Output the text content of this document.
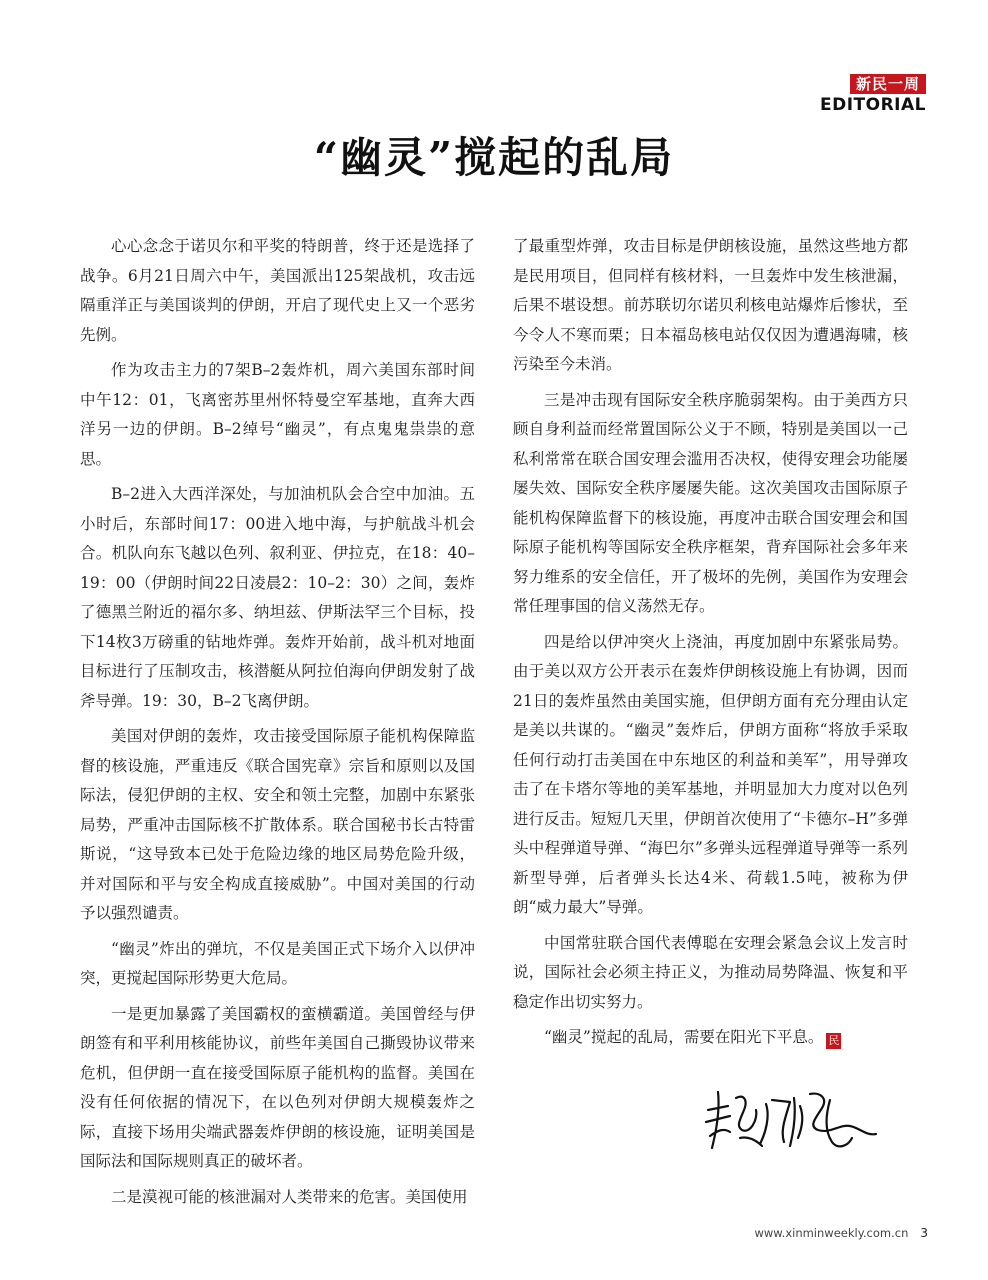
新民一周
EDITORIAL
“幽灵”搅起的乱局

心心念念于诺贝尔和平奖的特朗普，终于还是选择了战争。6月21日周六中午，美国派出125架战机，攻击远隔重洋正与美国谈判的伊朗，开启了现代史上又一个恶劣先例。

作为攻击主力的7架B–2轰炸机，周六美国东部时间中午12：01，飞离密苏里州怀特曼空军基地，直奔大西洋另一边的伊朗。B–2绰号“幽灵”，有点鬼鬼祟祟的意思。

B–2进入大西洋深处，与加油机队会合空中加油。五小时后，东部时间17：00进入地中海，与护航战斗机会合。机队向东飞越以色列、叙利亚、伊拉克，在18：40–19：00（伊朗时间22日凌晨2：10–2：30）之间，轰炸了德黑兰附近的福尔多、纳坦兹、伊斯法罕三个目标，投下14枚3万磅重的钻地炸弹。轰炸开始前，战斗机对地面目标进行了压制攻击，核潜艇从阿拉伯海向伊朗发射了战斧导弹。19：30，B–2飞离伊朗。

美国对伊朗的轰炸，攻击接受国际原子能机构保障监督的核设施，严重违反《联合国宪章》宗旨和原则以及国际法，侵犯伊朗的主权、安全和领土完整，加剧中东紧张局势，严重冲击国际核不扩散体系。联合国秘书长古特雷斯说，“这导致本已处于危险边缘的地区局势危险升级，并对国际和平与安全构成直接威胁”。中国对美国的行动予以强烈谴责。

“幽灵”炸出的弹坑，不仅是美国正式下场介入以伊冲突，更搅起国际形势更大危局。

一是更加暴露了美国霸权的蛮横霸道。美国曾经与伊朗签有和平利用核能协议，前些年美国自己撕毁协议带来危机，但伊朗一直在接受国际原子能机构的监督。美国在没有任何依据的情况下，在以色列对伊朗大规模轰炸之际，直接下场用尖端武器轰炸伊朗的核设施，证明美国是国际法和国际规则真正的破坏者。

二是漠视可能的核泄漏对人类带来的危害。美国使用

了最重型炸弹，攻击目标是伊朗核设施，虽然这些地方都是民用项目，但同样有核材料，一旦轰炸中发生核泄漏，后果不堪设想。前苏联切尔诺贝利核电站爆炸后惨状，至今令人不寒而栗；日本福岛核电站仅仅因为遭遇海啸，核污染至今未消。

三是冲击现有国际安全秩序脆弱架构。由于美西方只顾自身利益而经常置国际公义于不顾，特别是美国以一己私利常常在联合国安理会滥用否决权，使得安理会功能屡屡失效、国际安全秩序屡屡失能。这次美国攻击国际原子能机构保障监督下的核设施，再度冲击联合国安理会和国际原子能机构等国际安全秩序框架，背弃国际社会多年来努力维系的安全信任，开了极坏的先例，美国作为安理会常任理事国的信义荡然无存。

四是给以伊冲突火上浇油，再度加剧中东紧张局势。由于美以双方公开表示在轰炸伊朗核设施上有协调，因而21日的轰炸虽然由美国实施，但伊朗方面有充分理由认定是美以共谋的。“幽灵”轰炸后，伊朗方面称“将放手采取任何行动打击美国在中东地区的利益和美军”，用导弹攻击了在卡塔尔等地的美军基地，并明显加大力度对以色列进行反击。短短几天里，伊朗首次使用了“卡德尔–H”多弹头中程弹道导弹、“海巴尔”多弹头远程弹道导弹等一系列新型导弹，后者弹头长达4米、荷载1.5吨，被称为伊朗“威力最大”导弹。

中国常驻联合国代表傅聪在安理会紧急会议上发言时说，国际社会必须主持正义，为推动局势降温、恢复和平稳定作出切实努力。

“幽灵”搅起的乱局，需要在阳光下平息。 民

www.xinminweekly.com.cn 3
